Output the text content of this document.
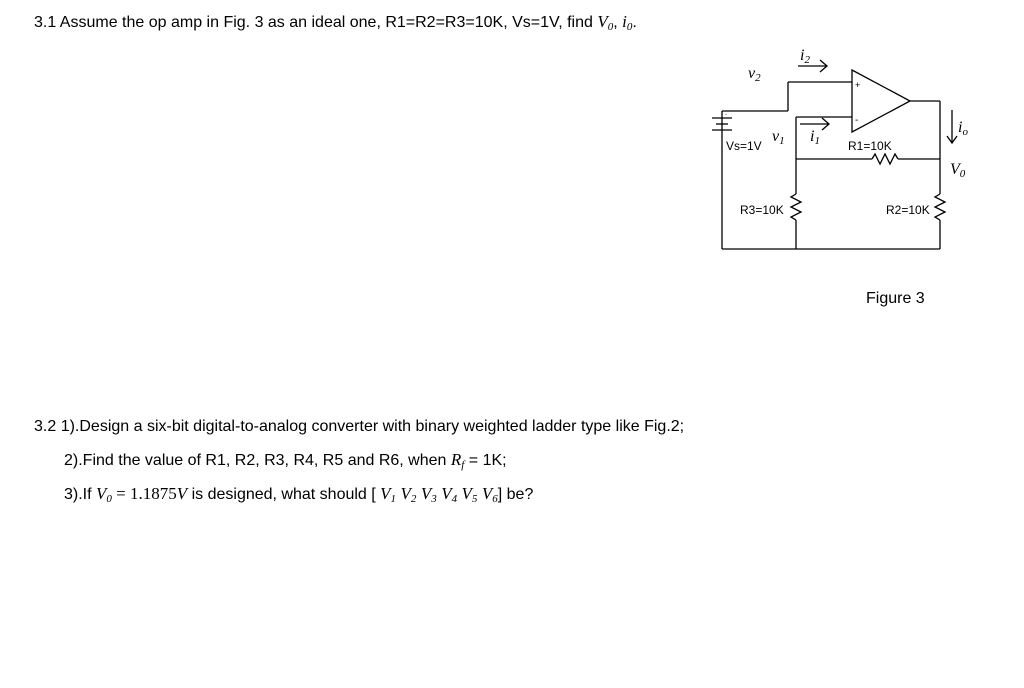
3.1 Assume the op amp in Fig. 3 as an ideal one, R1=R2=R3=10K, Vs=1V, find $V_0$, $i_0$.
+
-
.
v2
i2
v1 i1
Vs=1V	R1=10K
R3=10K	R2=10K
io
V0
Figure 3
3.2 1).Design a six-bit digital-to-analog converter with binary weighted ladder type like Fig.2;
2).Find the value of R1, R2, R3, R4, R5 and R6, when $R_f = 1K$;
3).If $V_0 = 1.1875V$ is designed, what should [ $V_1$ $V_2$ $V_3$ $V_4$ $V_5$ $V_6$] be?
